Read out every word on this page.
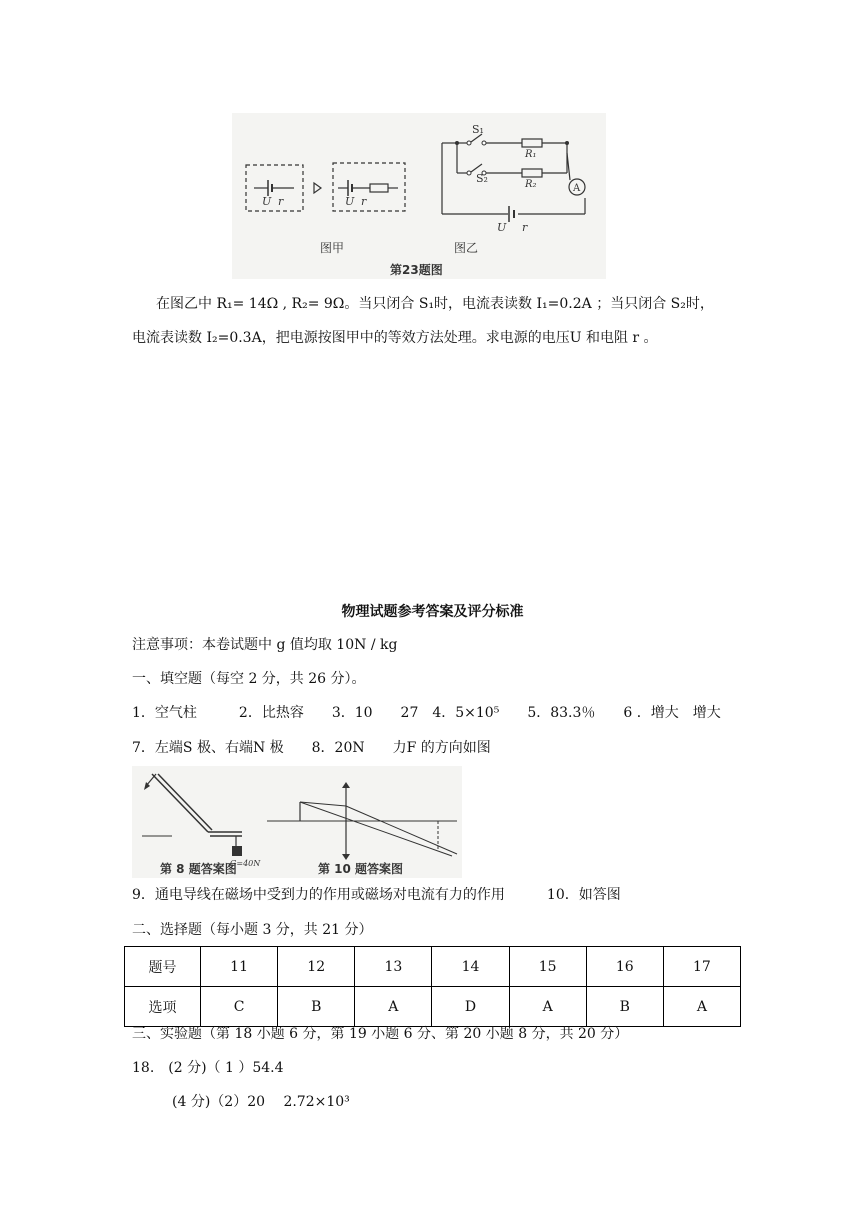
U r	U r
A
S₁
R₁
S₂	R₂
U r
图甲	图乙
第23题图
在图乙中 R₁= 14Ω , R₂= 9Ω。当只闭合 S₁时，电流表读数 I₁=0.2A ；当只闭合 S₂时，
电流表读数 I₂=0.3A，把电源按图甲中的等效方法处理。求电源的电压U 和电阻 r 。
物理试题参考答案及评分标准
注意事项：本卷试题中 g 值均取 10N / kg
一、填空题（每空 2 分，共 26 分）。
1．空气柱　　　2．比热容　　3．10　　27　4．5×10⁵　　5．83.3％　　6 ．增大　增大
7．左端S 极、右端N 极　　8．20N　　力F 的方向如图
G=40N
第 8 题答案图	第 10 题答案图
9．通电导线在磁场中受到力的作用或磁场对电流有力的作用　　　10．如答图
二、选择题（每小题 3 分，共 21 分）
题号	11	12	13	14	15	16	17
选项	C	B	A	D	A	B	A
三、实验题（第 18 小题 6 分，第 19 小题 6 分、第 20 小题 8 分，共 20 分）
18.　(2 分)（ 1 ）54.4
(4 分)（2）20　 2.72×10³
